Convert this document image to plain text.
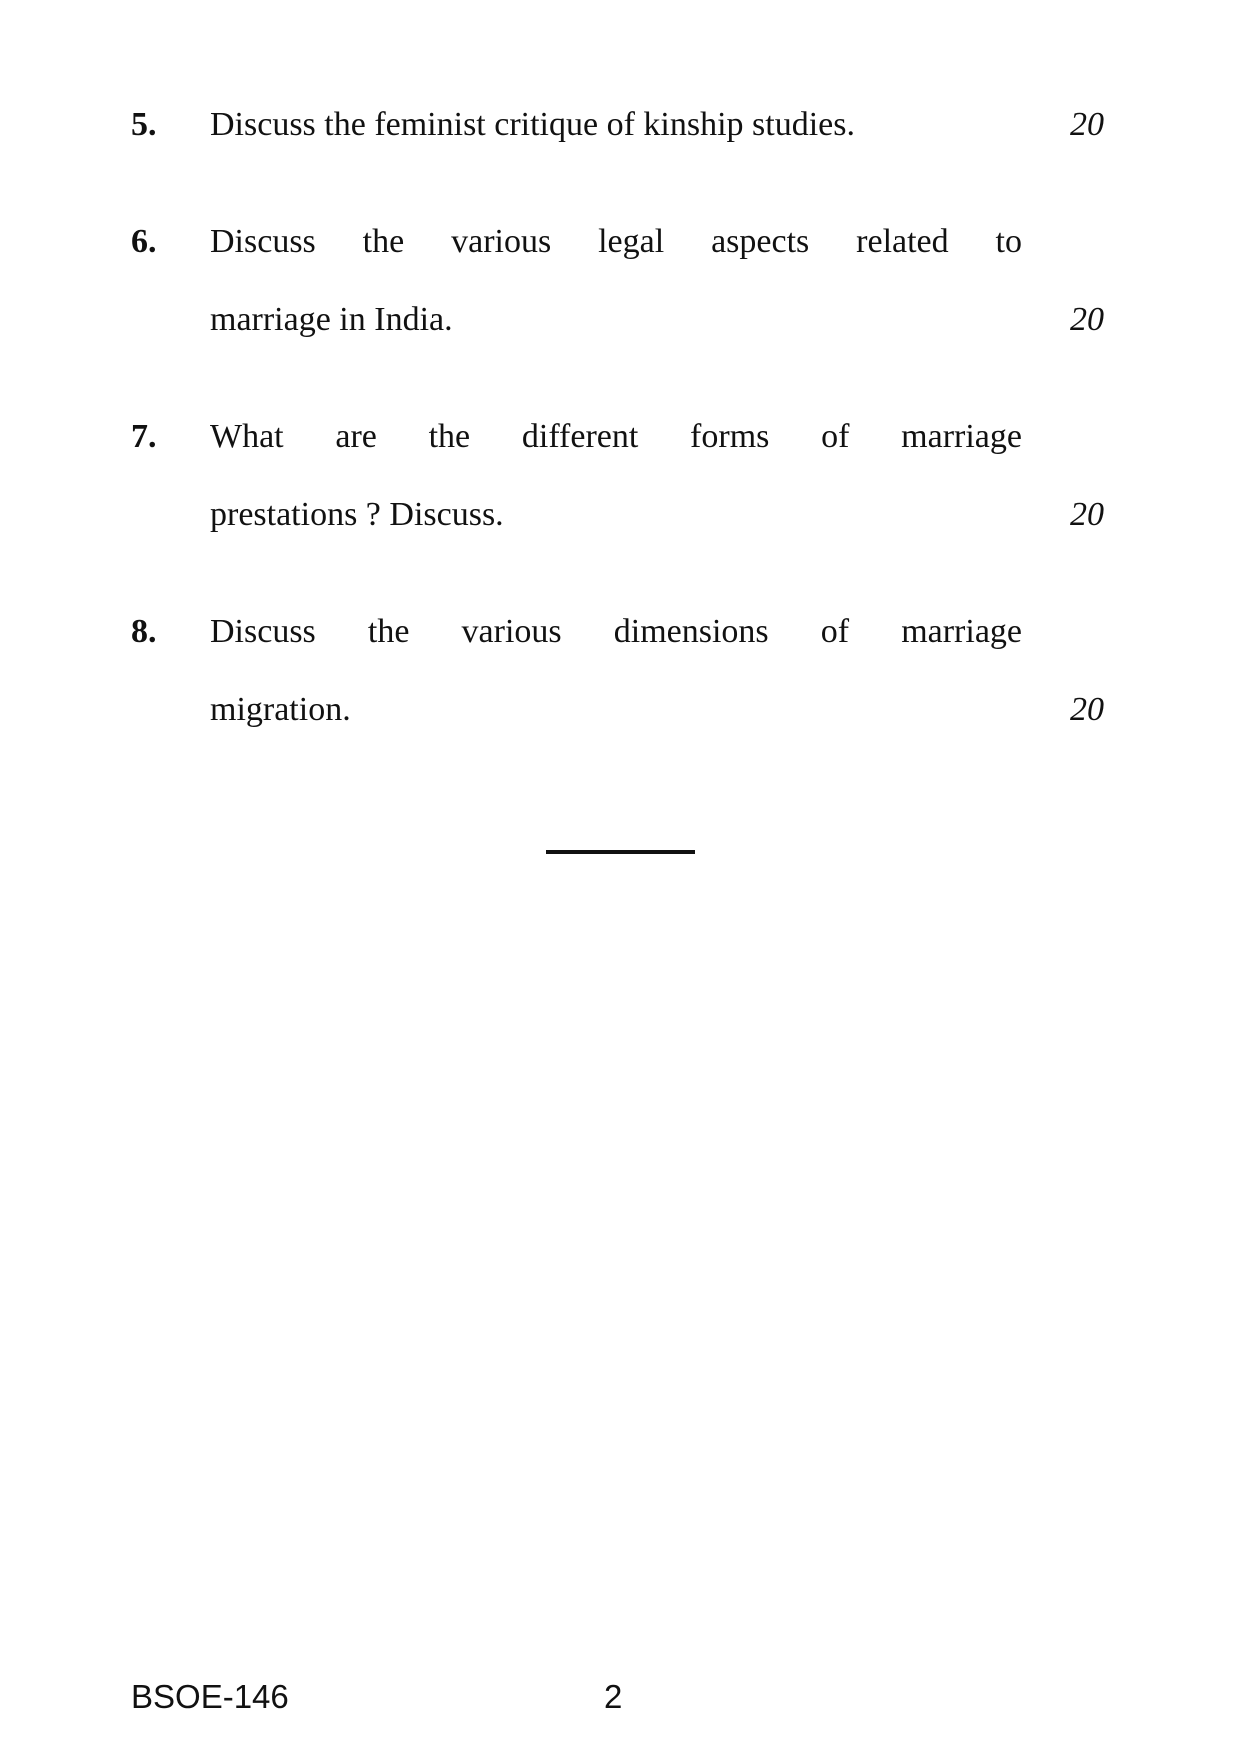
5. Discuss the feminist critique of kinship studies.	20
6. Discuss the various legal aspects related to
marriage in India.	20
7. What are the different forms of marriage
prestations ? Discuss.	20
8. Discuss the various dimensions of marriage
migration.	20
BSOE-146	2
